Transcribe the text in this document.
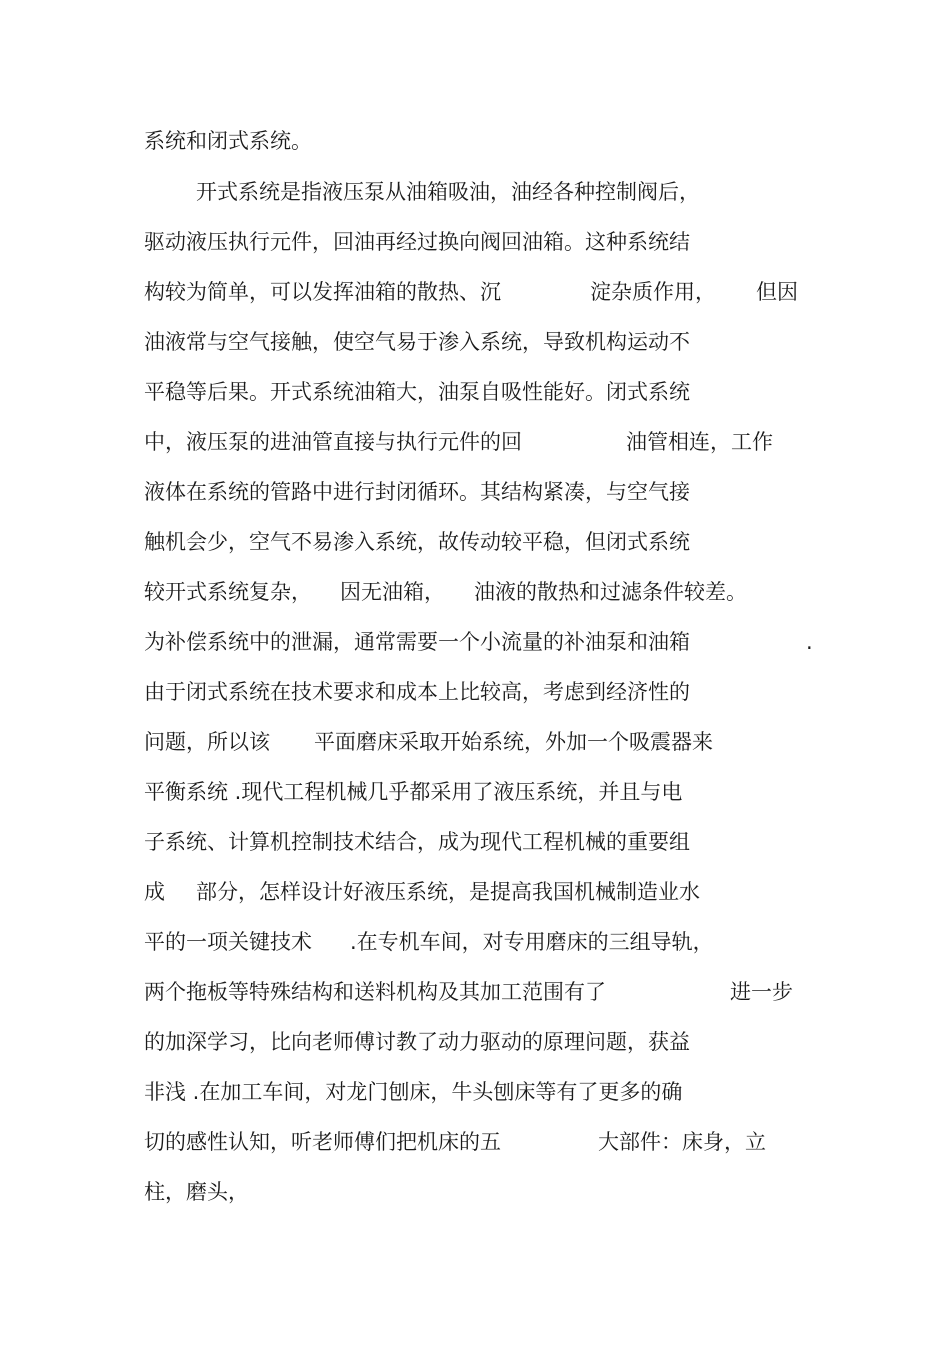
系统和闭式系统。
开式系统是指液压泵从油箱吸油，油经各种控制阀后，
驱动液压执行元件，回油再经过换向阀回油箱。这种系统结
构较为简单，可以发挥油箱的散热、沉	淀杂质作用， 但因
油液常与空气接触，使空气易于渗入系统，导致机构运动不
平稳等后果。开式系统油箱大，油泵自吸性能好。闭式系统
中，液压泵的进油管直接与执行元件的回	油管相连，工作
液体在系统的管路中进行封闭循环。其结构紧凑，与空气接
触机会少，空气不易渗入系统，故传动较平稳，但闭式系统
较开式系统复杂， 因无油箱， 油液的散热和过滤条件较差。
为补偿系统中的泄漏，通常需要一个小流量的补油泵和油箱	.
由于闭式系统在技术要求和成本上比较高，考虑到经济性的
问题，所以该 平面磨床采取开始系统，外加一个吸震器来
平衡系统 .现代工程机械几乎都采用了液压系统，并且与电
子系统、计算机控制技术结合，成为现代工程机械的重要组
成 部分，怎样设计好液压系统，是提高我国机械制造业水
平的一项关键技术 .在专机车间，对专用磨床的三组导轨，
两个拖板等特殊结构和送料机构及其加工范围有了	进一步
的加深学习，比向老师傅讨教了动力驱动的原理问题，获益
非浅 .在加工车间，对龙门刨床，牛头刨床等有了更多的确
切的感性认知，听老师傅们把机床的五	大部件：床身，立
柱，磨头，
